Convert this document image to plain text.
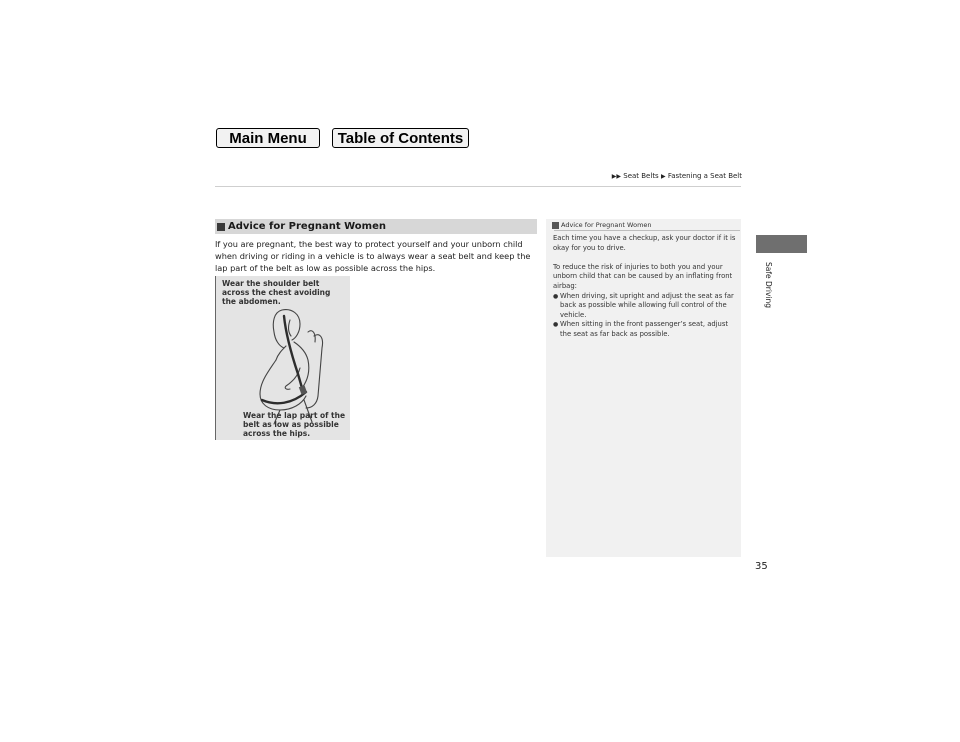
Main Menu	Table of Contents
▶▶ Seat Belts ▶ Fastening a Seat Belt
Safe Driving
Advice for Pregnant Women
If you are pregnant, the best way to protect yourself and your unborn child when driving or riding in a vehicle is to always wear a seat belt and keep the lap part of the belt as low as possible across the hips.
Wear the shoulder belt
across the chest avoiding
the abdomen.
Wear the lap part of the
belt as low as possible
across the hips.
Advice for Pregnant Women

Each time you have a checkup, ask your doctor if it is okay for you to drive.

To reduce the risk of injuries to both you and your unborn child that can be caused by an inflating front airbag:

● When driving, sit upright and adjust the seat as far back as possible while allowing full control of the vehicle.
● When sitting in the front passenger’s seat, adjust the seat as far back as possible.
35
